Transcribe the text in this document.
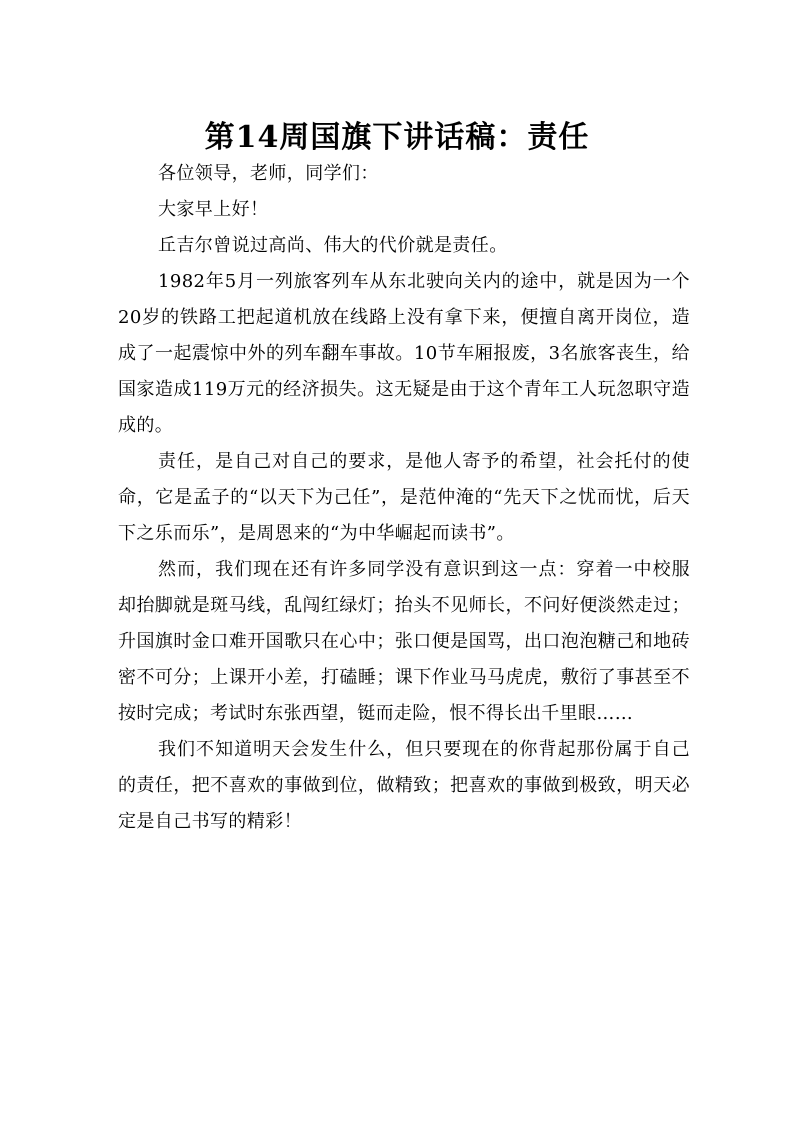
第14周国旗下讲话稿：责任

各位领导，老师，同学们：

大家早上好！

丘吉尔曾说过高尚、伟大的代价就是责任。

1982年5月一列旅客列车从东北驶向关内的途中，就是因为一个20岁的铁路工把起道机放在线路上没有拿下来，便擅自离开岗位，造成了一起震惊中外的列车翻车事故。10节车厢报废，3名旅客丧生，给国家造成119万元的经济损失。这无疑是由于这个青年工人玩忽职守造成的。

责任，是自己对自己的要求，是他人寄予的希望，社会托付的使命，它是孟子的“以天下为己任”，是范仲淹的“先天下之忧而忧，后天下之乐而乐”，是周恩来的“为中华崛起而读书”。

然而，我们现在还有许多同学没有意识到这一点：穿着一中校服却抬脚就是斑马线，乱闯红绿灯；抬头不见师长，不问好便淡然走过；升国旗时金口难开国歌只在心中；张口便是国骂，出口泡泡糖己和地砖密不可分；上课开小差，打磕睡；课下作业马马虎虎，敷衍了事甚至不按时完成；考试时东张西望，铤而走险，恨不得长出千里眼……

我们不知道明天会发生什么，但只要现在的你背起那份属于自己的责任，把不喜欢的事做到位，做精致；把喜欢的事做到极致，明天必定是自己书写的精彩！
